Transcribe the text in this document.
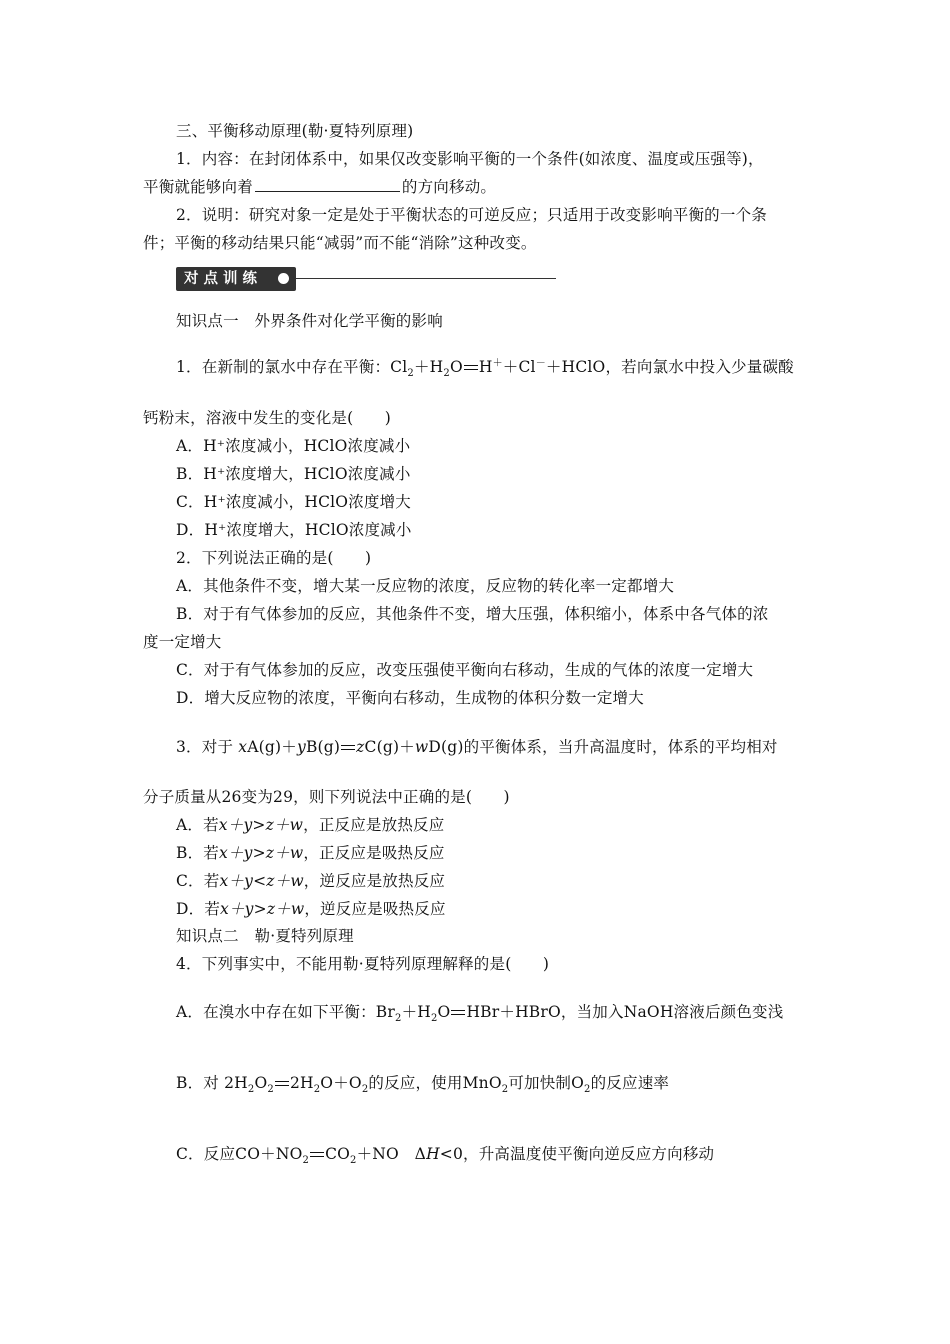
三、平衡移动原理(勒·夏特列原理)
1．内容：在封闭体系中，如果仅改变影响平衡的一个条件(如浓度、温度或压强等)，
平衡就能够向着	的方向移动。
2．说明：研究对象一定是处于平衡状态的可逆反应；只适用于改变影响平衡的一个条
件；平衡的移动结果只能“减弱”而不能“消除”这种改变。
对点训练
知识点一　外界条件对化学平衡的影响
1．在新制的氯水中存在平衡：$Cl_2+H_2O$ H＋＋Cl－＋HClO，若向氯水中投入少量碳酸
钙粉末，溶液中发生的变化是(　　)
A．H⁺浓度减小，HClO浓度减小
B．H⁺浓度增大，HClO浓度减小
C．H⁺浓度减小，HClO浓度增大
D．H⁺浓度增大，HClO浓度减小
2．下列说法正确的是(　　)
A．其他条件不变，增大某一反应物的浓度，反应物的转化率一定都增大
B．对于有气体参加的反应，其他条件不变，增大压强，体积缩小，体系中各气体的浓
度一定增大
C．对于有气体参加的反应，改变压强使平衡向右移动，生成的气体的浓度一定增大
D．增大反应物的浓度，平衡向右移动，生成物的体积分数一定增大
3．对于 xA(g)＋yB(g) zC(g)＋wD(g)的平衡体系，当升高温度时，体系的平均相对
分子质量从26变为29，则下列说法中正确的是(　　)
A．若x＋y>z＋w，正反应是放热反应
B．若x＋y>z＋w，正反应是吸热反应
C．若x＋y<z＋w，逆反应是放热反应
D．若x＋y>z＋w，逆反应是吸热反应
知识点二　勒·夏特列原理
4．下列事实中，不能用勒·夏特列原理解释的是(　　)
A．在溴水中存在如下平衡：$Br_2+H_2O$ HBr＋HBrO，当加入NaOH溶液后颜色变浅
B．对 $2H_2O_2$ $2H_2O+O_2$的反应，使用MnO$_2$可加快制$O_2$的反应速率
C．反应$CO+NO_2$ $CO_2+NO$　ΔH<0，升高温度使平衡向逆反应方向移动
